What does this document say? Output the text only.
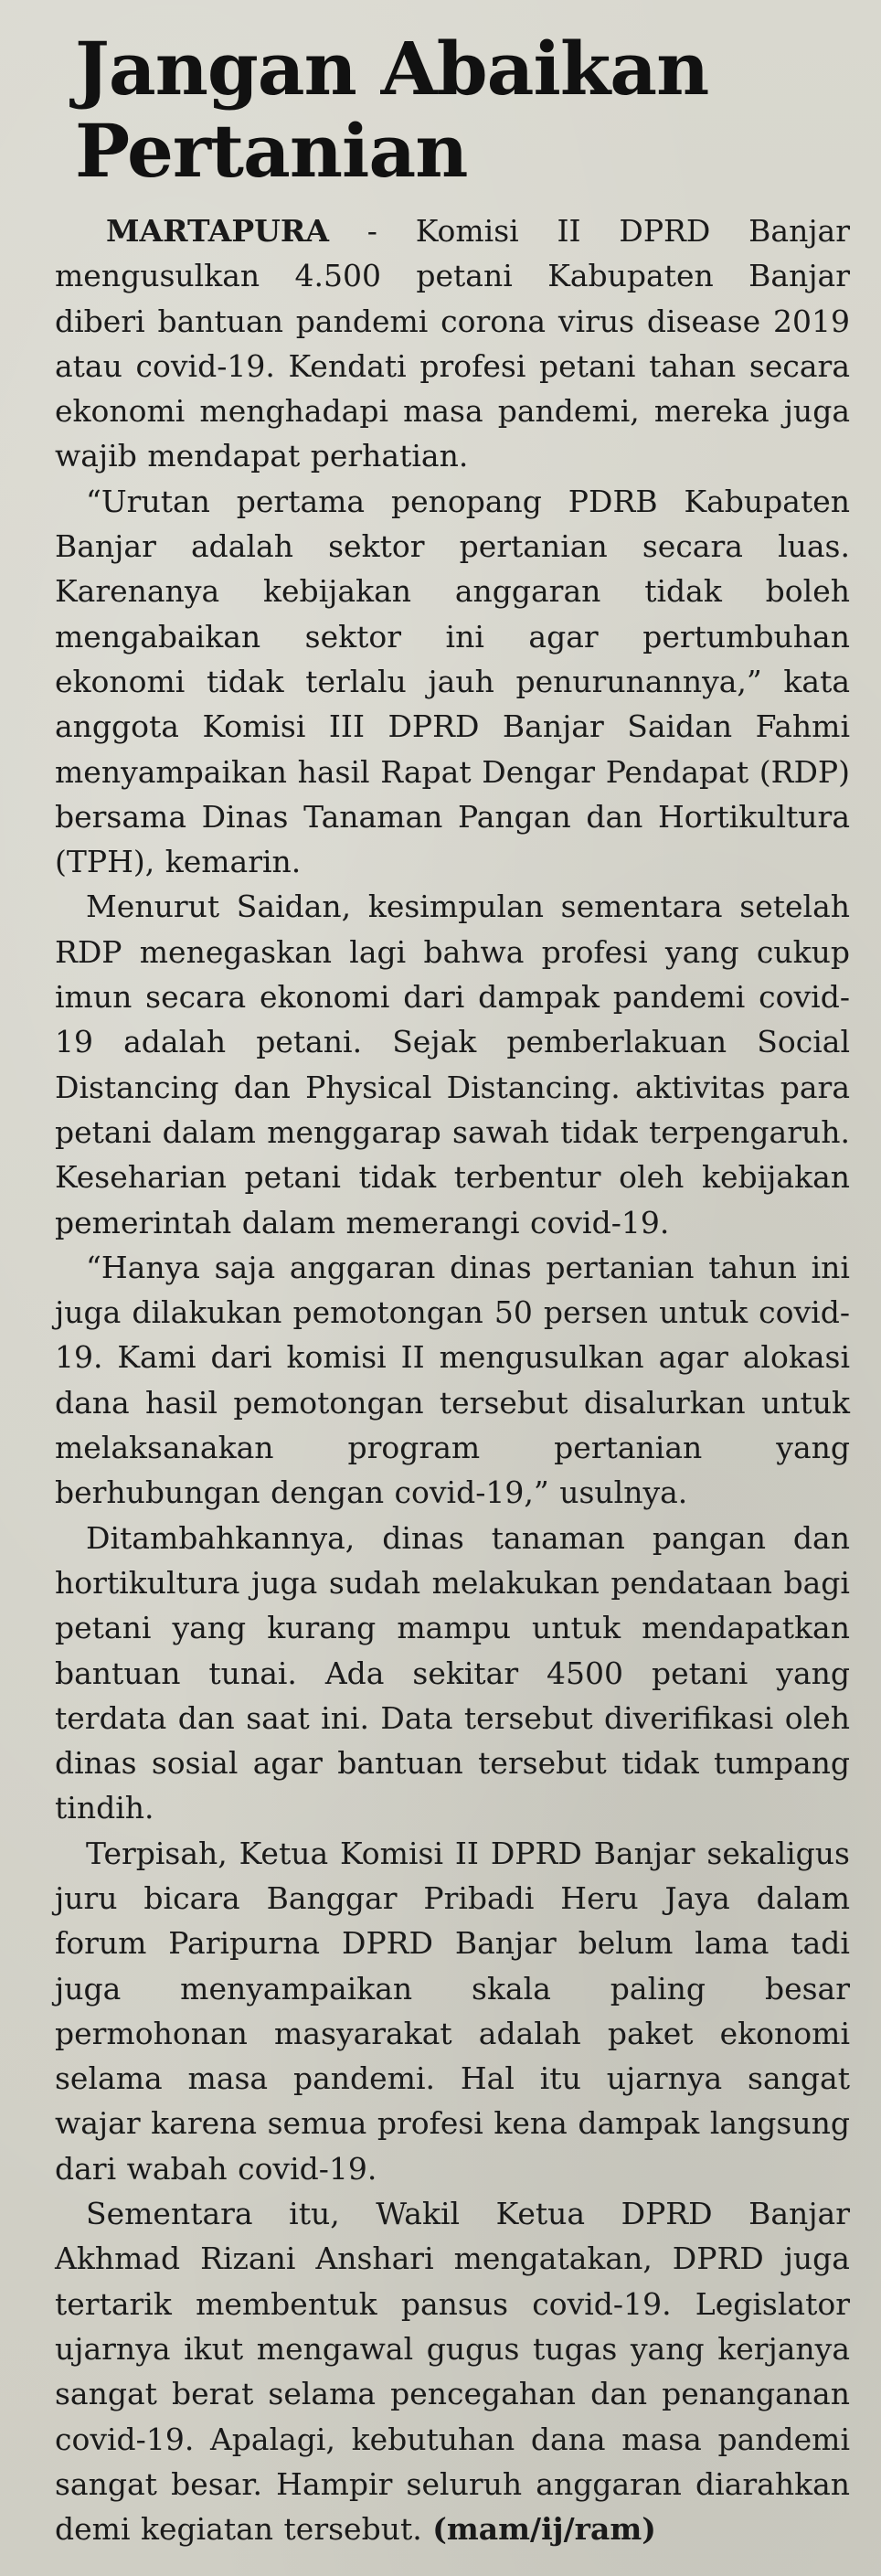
Jangan Abaikan Pertanian

MARTAPURA - Komisi II DPRD Banjar mengusulkan 4.500 petani Kabupaten Banjar diberi bantuan pandemi corona virus disease 2019 atau covid-19. Kendati profesi petani tahan secara ekonomi menghadapi masa pandemi, mereka juga wajib mendapat perhatian.

“Urutan pertama penopang PDRB Kabupaten Banjar adalah sektor pertanian secara luas. Karenanya kebijakan anggaran tidak boleh mengabaikan sektor ini agar pertumbuhan ekonomi tidak terlalu jauh penurunannya,” kata anggota Komisi III DPRD Banjar Saidan Fahmi menyampaikan hasil Rapat Dengar Pendapat (RDP) bersama Dinas Tanaman Pangan dan Hortikultura (TPH), kemarin.

Menurut Saidan, kesimpulan sementara setelah RDP menegaskan lagi bahwa profesi yang cukup imun secara ekonomi dari dampak pandemi covid-19 adalah petani. Sejak pemberlakuan Social Distancing dan Physical Distancing. aktivitas para petani dalam menggarap sawah tidak terpengaruh. Keseharian petani tidak terbentur oleh kebijakan pemerintah dalam memerangi covid-19.

“Hanya saja anggaran dinas pertanian tahun ini juga dilakukan pemotongan 50 persen untuk covid-19. Kami dari komisi II mengusulkan agar alokasi dana hasil pemotongan tersebut disalurkan untuk melaksanakan program pertanian yang berhubungan dengan covid-19,” usulnya.

Ditambahkannya, dinas tanaman pangan dan hortikultura juga sudah melakukan pendataan bagi petani yang kurang mampu untuk mendapatkan bantuan tunai. Ada sekitar 4500 petani yang terdata dan saat ini. Data tersebut diverifikasi oleh dinas sosial agar bantuan tersebut tidak tumpang tindih.

Terpisah, Ketua Komisi II DPRD Banjar sekaligus juru bicara Banggar Pribadi Heru Jaya dalam forum Paripurna DPRD Banjar belum lama tadi juga menyampaikan skala paling besar permohonan masyarakat adalah paket ekonomi selama masa pandemi. Hal itu ujarnya sangat wajar karena semua profesi kena dampak langsung dari wabah covid-19.

Sementara itu, Wakil Ketua DPRD Banjar Akhmad Rizani Anshari mengatakan, DPRD juga tertarik membentuk pansus covid-19. Legislator ujarnya ikut mengawal gugus tugas yang kerjanya sangat berat selama pencegahan dan penanganan covid-19. Apalagi, kebutuhan dana masa pandemi sangat besar. Hampir seluruh anggaran diarahkan demi kegiatan tersebut. (mam/ij/ram)
